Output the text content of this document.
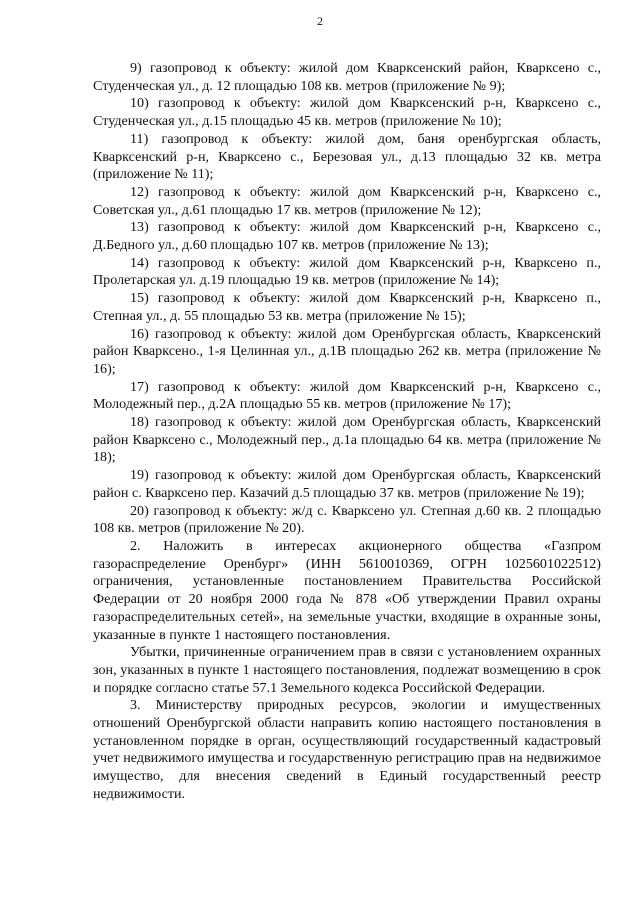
2

9) газопровод к объекту: жилой дом Кварксенский район, Кварксено с., Студенческая ул., д. 12 площадью 108 кв. метров (приложение № 9);

10) газопровод к объекту: жилой дом Кварксенский р-н, Кварксено с., Студенческая ул., д.15 площадью 45 кв. метров (приложение № 10);

11) газопровод к объекту: жилой дом, баня оренбургская область, Кварксенский р-н, Кварксено с., Березовая ул., д.13 площадью 32 кв. метра (приложение № 11);

12) газопровод к объекту: жилой дом Кварксенский р-н, Кварксено с., Советская ул., д.61 площадью 17 кв. метров (приложение № 12);

13) газопровод к объекту: жилой дом Кварксенский р-н, Кварксено с., Д.Бедного ул., д.60 площадью 107 кв. метров (приложение № 13);

14) газопровод к объекту: жилой дом Кварксенский р-н, Кварксено п., Пролетарская ул. д.19 площадью 19 кв. метров (приложение № 14);

15) газопровод к объекту: жилой дом Кварксенский р-н, Кварксено п., Степная ул., д. 55 площадью 53 кв. метра (приложение № 15);

16) газопровод к объекту: жилой дом Оренбургская область, Кварксенский район Кварксено., 1-я Целинная ул., д.1В площадью 262 кв. метра (приложение № 16);

17) газопровод к объекту: жилой дом Кварксенский р-н, Кварксено с., Молодежный пер., д.2А площадью 55 кв. метров (приложение № 17);

18) газопровод к объекту: жилой дом Оренбургская область, Кварксенский район Кварксено с., Молодежный пер., д.1а площадью 64 кв. метра (приложение № 18);

19) газопровод к объекту: жилой дом Оренбургская область, Кварксенский район с. Кварксено пер. Казачий д.5 площадью 37 кв. метров (приложение № 19);

20) газопровод к объекту: ж/д с. Кварксено ул. Степная д.60 кв. 2 площадью 108 кв. метров (приложение № 20).

2. Наложить в интересах акционерного общества «Газпром газораспределение Оренбург» (ИНН 5610010369, ОГРН 1025601022512) ограничения, установленные постановлением Правительства Российской Федерации от 20 ноября 2000 года № 878 «Об утверждении Правил охраны газораспределительных сетей», на земельные участки, входящие в охранные зоны, указанные в пункте 1 настоящего постановления.

Убытки, причиненные ограничением прав в связи с установлением охранных зон, указанных в пункте 1 настоящего постановления, подлежат возмещению в срок и порядке согласно статье 57.1 Земельного кодекса Российской Федерации.

3. Министерству природных ресурсов, экологии и имущественных отношений Оренбургской области направить копию настоящего постановления в установленном порядке в орган, осуществляющий государственный кадастровый учет недвижимого имущества и государственную регистрацию прав на недвижимое имущество, для внесения сведений в Единый государственный реестр недвижимости.
